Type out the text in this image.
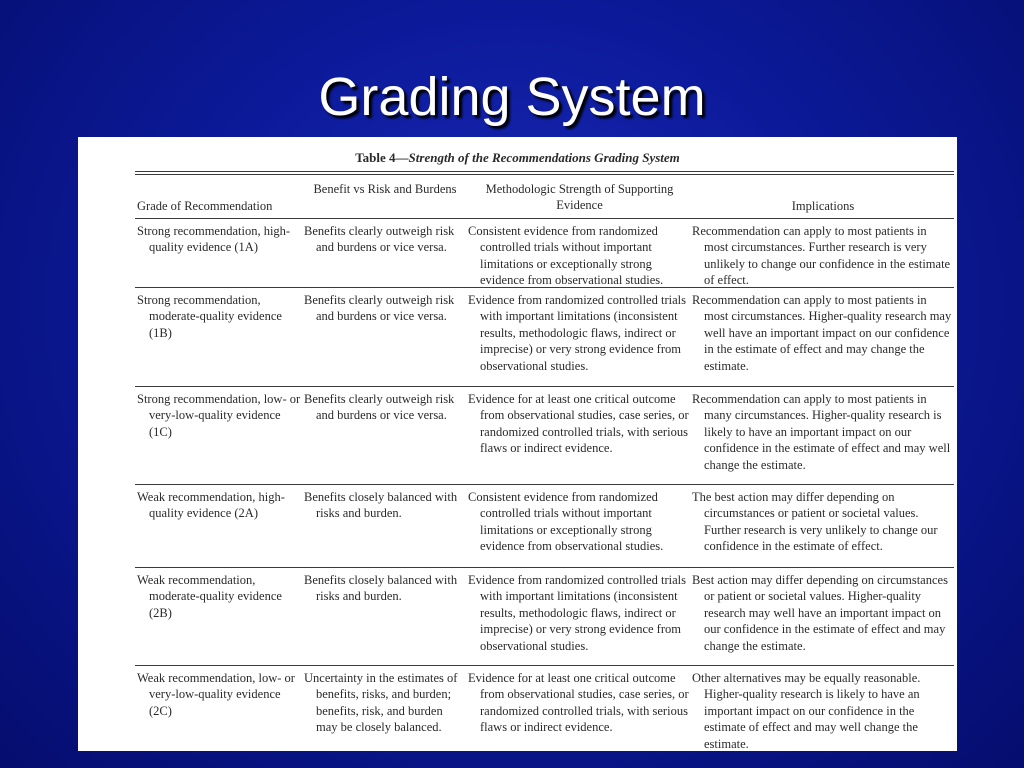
Grading System
Table 4—Strength of the Recommendations Grading System
Grade of Recommendation
Benefit vs Risk and Burdens	Methodologic Strength of Supporting Evidence	Implications
Strong recommendation, high-quality evidence (1A)
Benefits clearly outweigh risk and burdens or vice versa.
Consistent evidence from randomized controlled trials without important limitations or exceptionally strong evidence from observational studies.
Recommendation can apply to most patients in most circumstances. Further research is very unlikely to change our confidence in the estimate of effect.
Strong recommendation, moderate-quality evidence (1B)
Benefits clearly outweigh risk and burdens or vice versa.
Evidence from randomized controlled trials with important limitations (inconsistent results, methodologic flaws, indirect or imprecise) or very strong evidence from observational studies.
Recommendation can apply to most patients in most circumstances. Higher-quality research may well have an important impact on our confidence in the estimate of effect and may change the estimate.
Strong recommendation, low- or very-low-quality evidence (1C)
Benefits clearly outweigh risk and burdens or vice versa.
Evidence for at least one critical outcome from observational studies, case series, or randomized controlled trials, with serious flaws or indirect evidence.
Recommendation can apply to most patients in many circumstances. Higher-quality research is likely to have an important impact on our confidence in the estimate of effect and may well change the estimate.
Weak recommendation, high-quality evidence (2A)
Benefits closely balanced with risks and burden.
Consistent evidence from randomized controlled trials without important limitations or exceptionally strong evidence from observational studies.
The best action may differ depending on circumstances or patient or societal values. Further research is very unlikely to change our confidence in the estimate of effect.
Weak recommendation, moderate-quality evidence (2B)
Benefits closely balanced with risks and burden.
Evidence from randomized controlled trials with important limitations (inconsistent results, methodologic flaws, indirect or imprecise) or very strong evidence from observational studies.
Best action may differ depending on circumstances or patient or societal values. Higher-quality research may well have an important impact on our confidence in the estimate of effect and may change the estimate.
Weak recommendation, low- or very-low-quality evidence (2C)
Uncertainty in the estimates of benefits, risks, and burden; benefits, risk, and burden may be closely balanced.
Evidence for at least one critical outcome from observational studies, case series, or randomized controlled trials, with serious flaws or indirect evidence.
Other alternatives may be equally reasonable. Higher-quality research is likely to have an important impact on our confidence in the estimate of effect and may well change the estimate.
